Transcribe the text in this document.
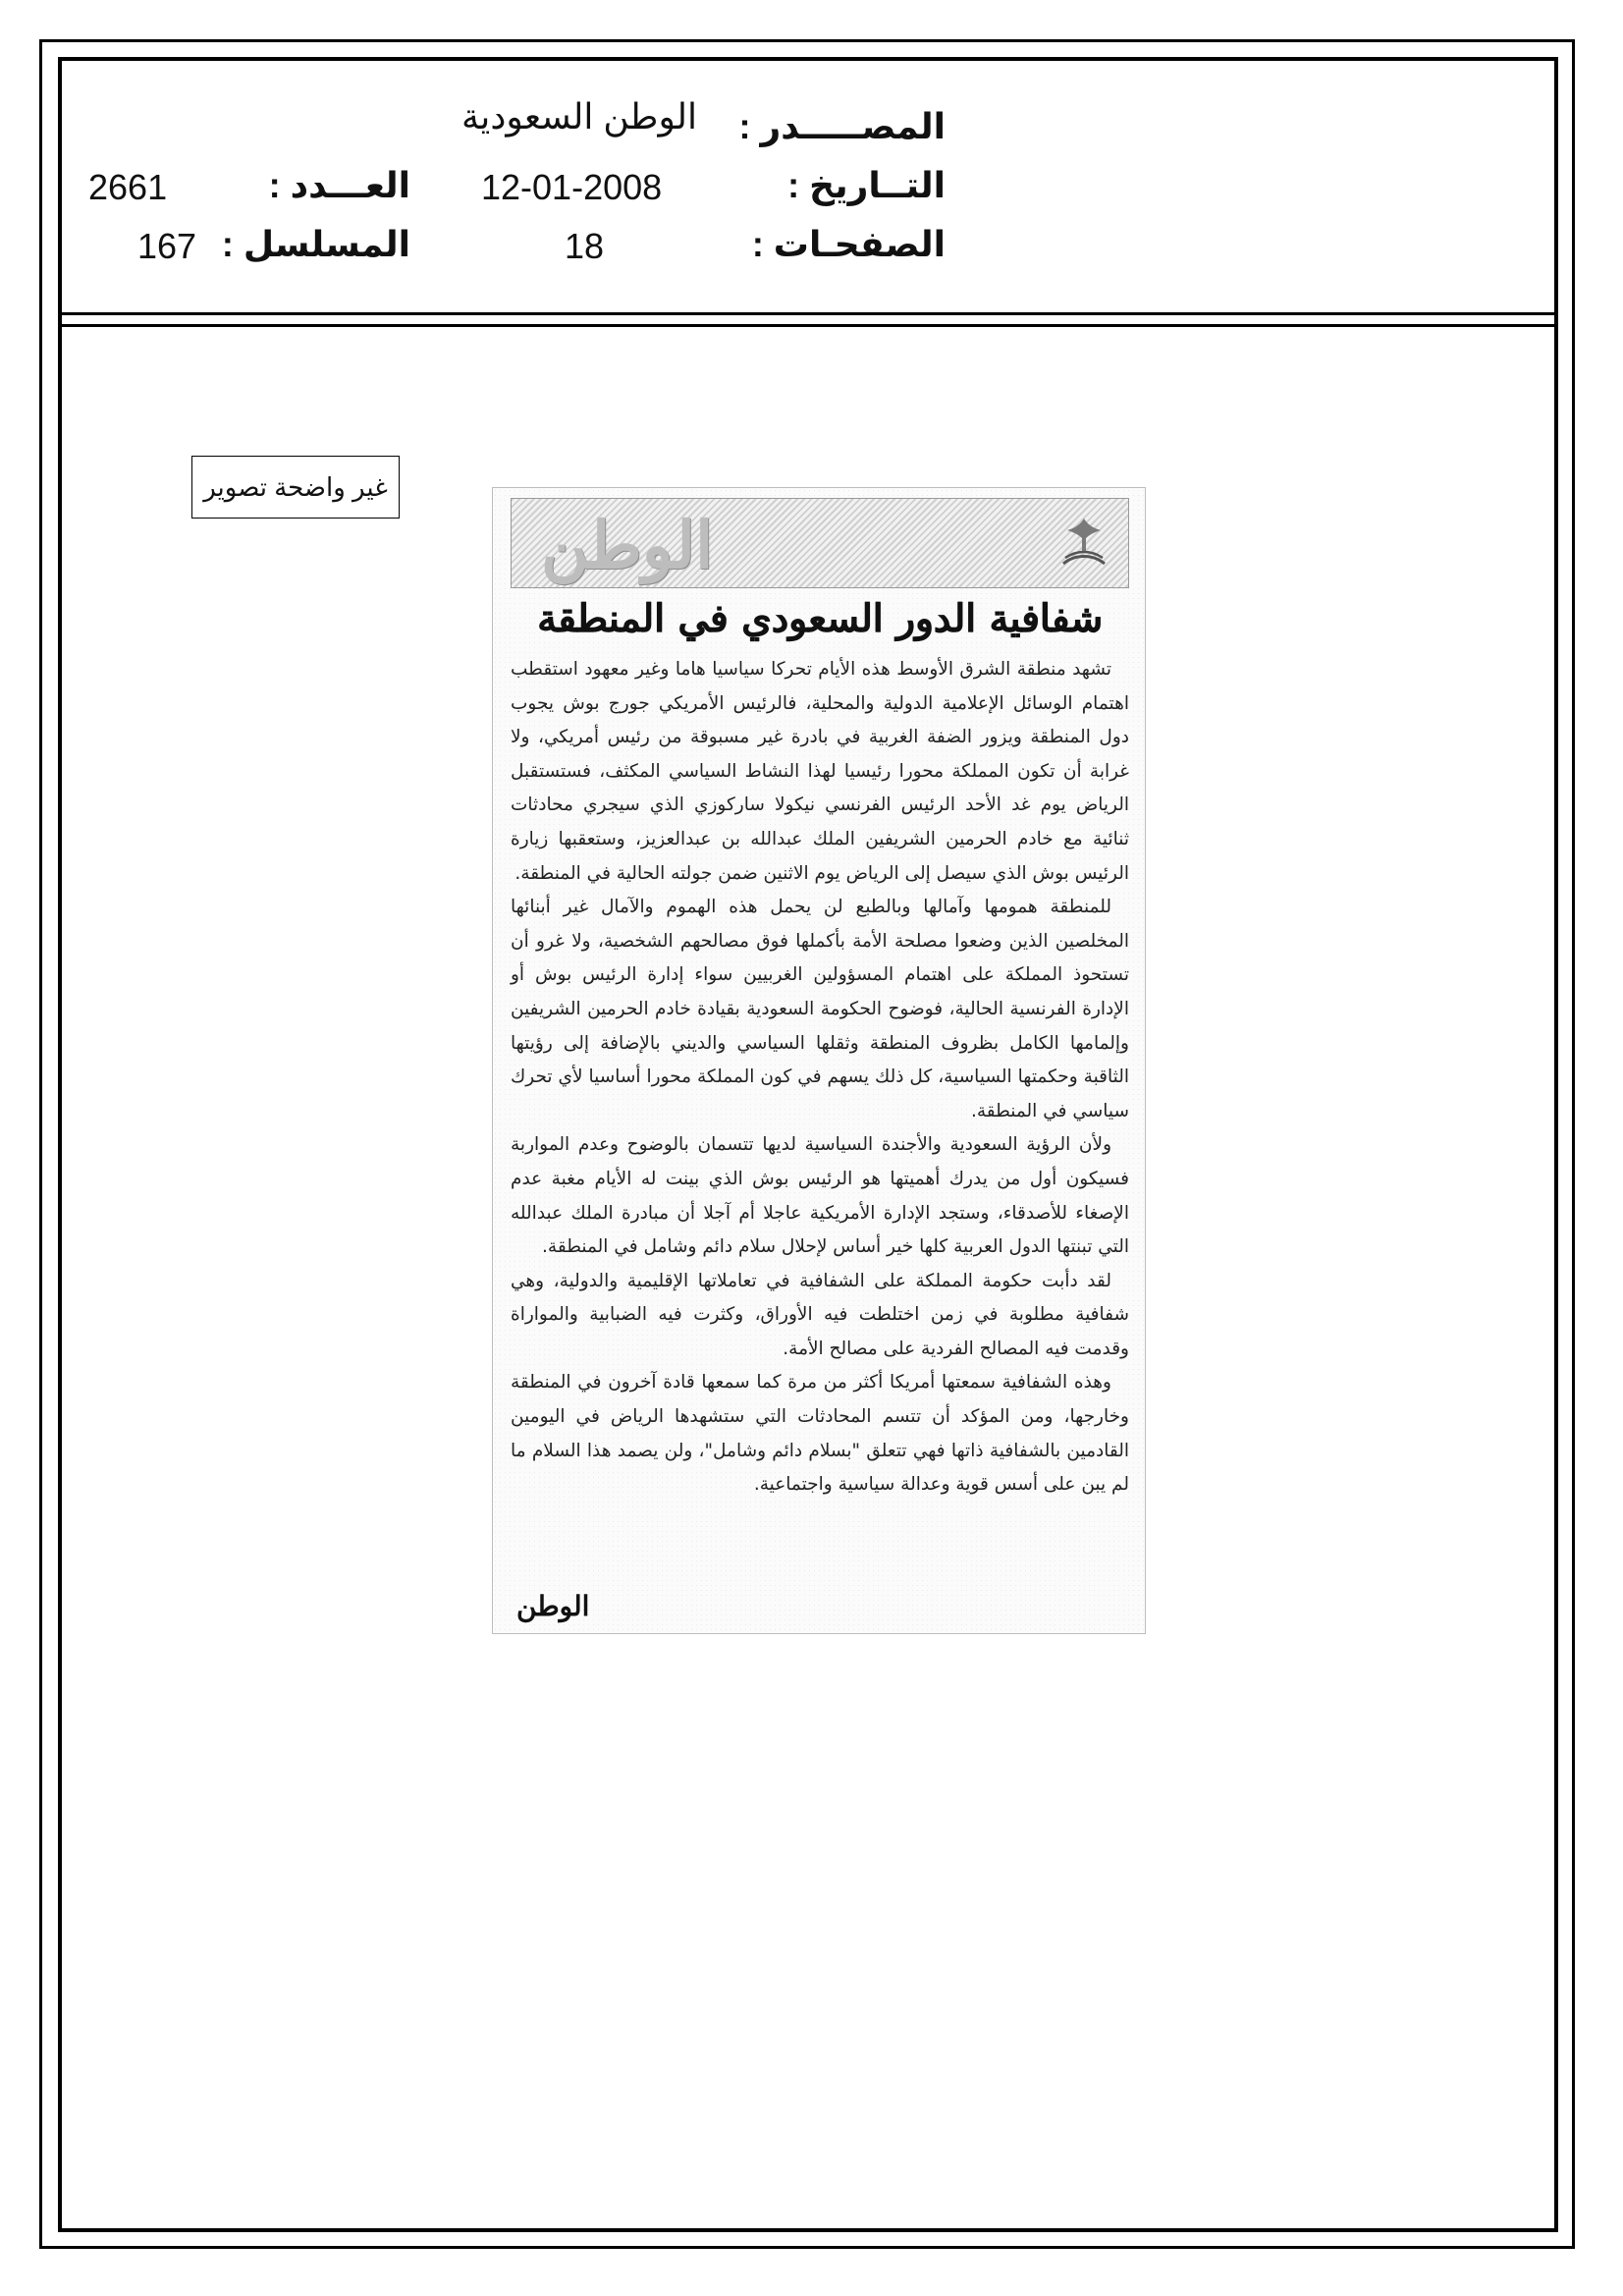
المصـــــدر :
الوطن السعودية
التــاريخ :
12-01-2008
العـــدد :
2661
الصفحـات :
18
المسلسل :
167
غير واضحة تصوير
الوطن
شفافية الدور السعودي في المنطقة

تشهد منطقة الشرق الأوسط هذه الأيام تحركا سياسيا هاما وغير معهود استقطب اهتمام الوسائل الإعلامية الدولية والمحلية، فالرئيس الأمريكي جورج بوش يجوب دول المنطقة ويزور الضفة الغربية في بادرة غير مسبوقة من رئيس أمريكي، ولا غرابة أن تكون المملكة محورا رئيسيا لهذا النشاط السياسي المكثف، فستستقبل الرياض يوم غد الأحد الرئيس الفرنسي نيكولا ساركوزي الذي سيجري محادثات ثنائية مع خادم الحرمين الشريفين الملك عبدالله بن عبدالعزيز، وستعقبها زيارة الرئيس بوش الذي سيصل إلى الرياض يوم الاثنين ضمن جولته الحالية في المنطقة.

للمنطقة همومها وآمالها وبالطبع لن يحمل هذه الهموم والآمال غير أبنائها المخلصين الذين وضعوا مصلحة الأمة بأكملها فوق مصالحهم الشخصية، ولا غرو أن تستحوذ المملكة على اهتمام المسؤولين الغربيين سواء إدارة الرئيس بوش أو الإدارة الفرنسية الحالية، فوضوح الحكومة السعودية بقيادة خادم الحرمين الشريفين وإلمامها الكامل بظروف المنطقة وثقلها السياسي والديني بالإضافة إلى رؤيتها الثاقبة وحكمتها السياسية، كل ذلك يسهم في كون المملكة محورا أساسيا لأي تحرك سياسي في المنطقة.

ولأن الرؤية السعودية والأجندة السياسية لديها تتسمان بالوضوح وعدم المواربة فسيكون أول من يدرك أهميتها هو الرئيس بوش الذي بينت له الأيام مغبة عدم الإصغاء للأصدقاء، وستجد الإدارة الأمريكية عاجلا أم آجلا أن مبادرة الملك عبدالله التي تبنتها الدول العربية كلها خير أساس لإحلال سلام دائم وشامل في المنطقة.

لقد دأبت حكومة المملكة على الشفافية في تعاملاتها الإقليمية والدولية، وهي شفافية مطلوبة في زمن اختلطت فيه الأوراق، وكثرت فيه الضبابية والمواراة وقدمت فيه المصالح الفردية على مصالح الأمة.

وهذه الشفافية سمعتها أمريكا أكثر من مرة كما سمعها قادة آخرون في المنطقة وخارجها، ومن المؤكد أن تتسم المحادثات التي ستشهدها الرياض في اليومين القادمين بالشفافية ذاتها فهي تتعلق "بسلام دائم وشامل"، ولن يصمد هذا السلام ما لم يبن على أسس قوية وعدالة سياسية واجتماعية.

الوطن
